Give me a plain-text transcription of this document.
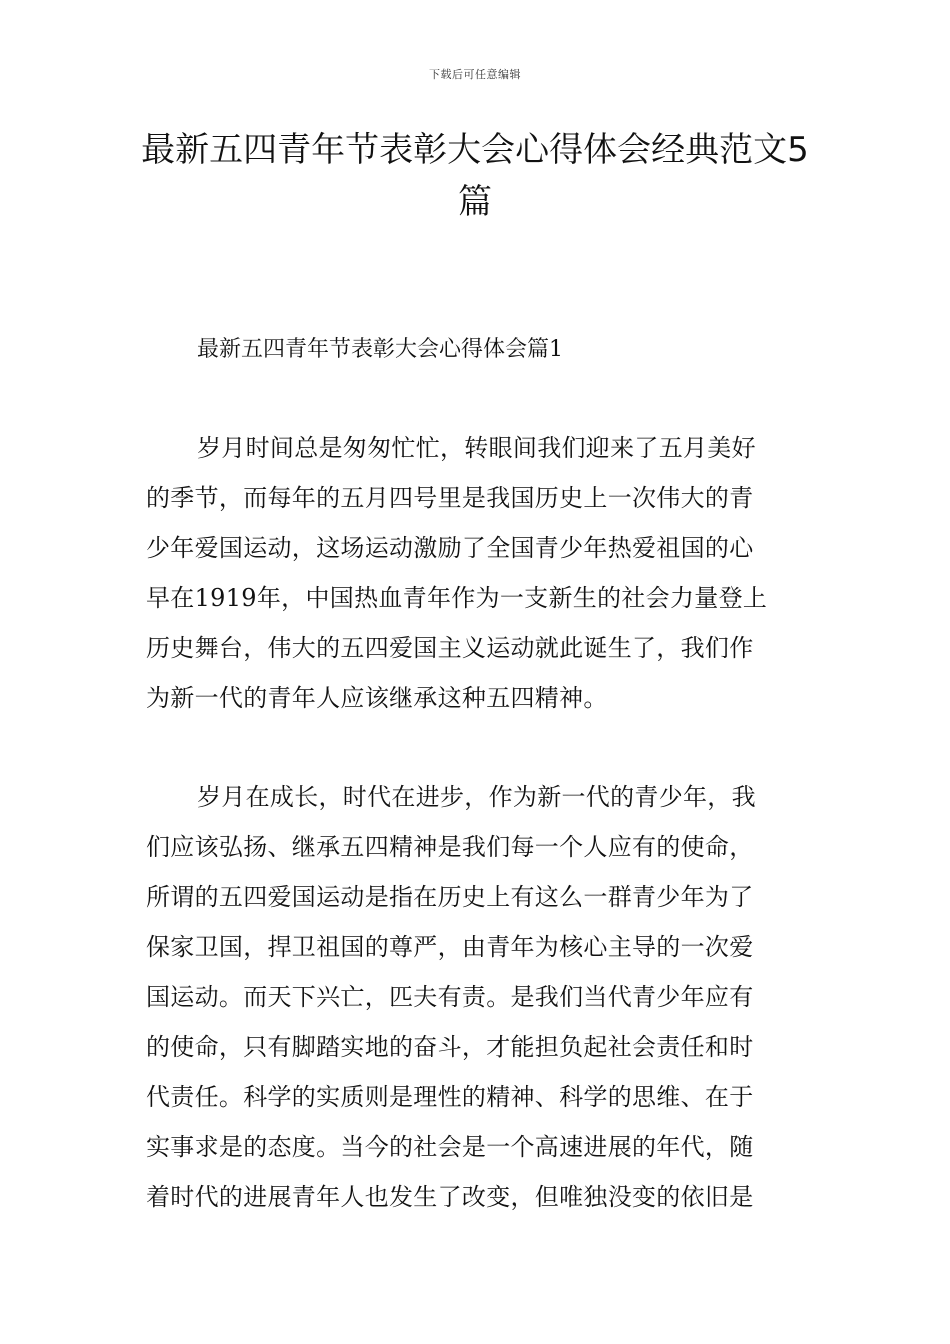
下载后可任意编辑
最新五四青年节表彰大会心得体会经典范文5篇
最新五四青年节表彰大会心得体会篇1
岁月时间总是匆匆忙忙，转眼间我们迎来了五月美好
的季节，而每年的五月四号里是我国历史上一次伟大的青
少年爱国运动，这场运动激励了全国青少年热爱祖国的心
早在1919年，中国热血青年作为一支新生的社会力量登上
历史舞台，伟大的五四爱国主义运动就此诞生了，我们作
为新一代的青年人应该继承这种五四精神。
岁月在成长，时代在进步，作为新一代的青少年，我
们应该弘扬、继承五四精神是我们每一个人应有的使命，
所谓的五四爱国运动是指在历史上有这么一群青少年为了
保家卫国，捍卫祖国的尊严，由青年为核心主导的一次爱
国运动。而天下兴亡，匹夫有责。是我们当代青少年应有
的使命，只有脚踏实地的奋斗，才能担负起社会责任和时
代责任。科学的实质则是理性的精神、科学的思维、在于
实事求是的态度。当今的社会是一个高速进展的年代，随
着时代的进展青年人也发生了改变，但唯独没变的依旧是
